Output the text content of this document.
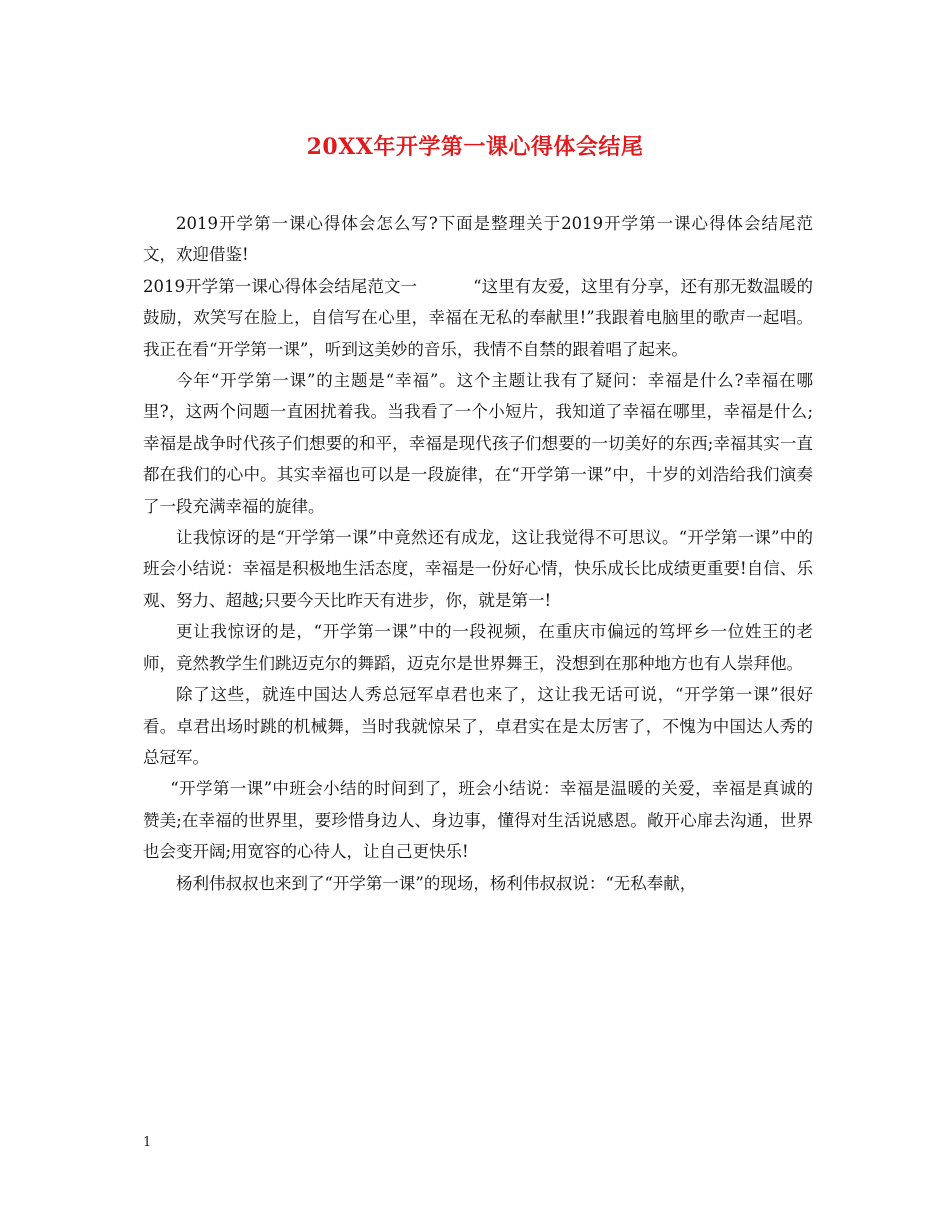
20XX年开学第一课心得体会结尾

2019开学第一课心得体会怎么写?下面是整理关于2019开学第一课心得体会结尾范文，欢迎借鉴!

2019开学第一课心得体会结尾范文一	“这里有友爱，这里有分享，还有那无数温暖的鼓励，欢笑写在脸上，自信写在心里，幸福在无私的奉献里!”我跟着电脑里的歌声一起唱。我正在看“开学第一课”，听到这美妙的音乐，我情不自禁的跟着唱了起来。

今年“开学第一课”的主题是“幸福”。这个主题让我有了疑问：幸福是什么?幸福在哪里?，这两个问题一直困扰着我。当我看了一个小短片，我知道了幸福在哪里，幸福是什么;幸福是战争时代孩子们想要的和平，幸福是现代孩子们想要的一切美好的东西;幸福其实一直都在我们的心中。其实幸福也可以是一段旋律，在“开学第一课”中，十岁的刘浩给我们演奏了一段充满幸福的旋律。

让我惊讶的是“开学第一课”中竟然还有成龙，这让我觉得不可思议。“开学第一课”中的班会小结说：幸福是积极地生活态度，幸福是一份好心情，快乐成长比成绩更重要!自信、乐观、努力、超越;只要今天比昨天有进步，你，就是第一!

更让我惊讶的是，“开学第一课”中的一段视频，在重庆市偏远的笃坪乡一位姓王的老师，竟然教学生们跳迈克尔的舞蹈，迈克尔是世界舞王，没想到在那种地方也有人崇拜他。

除了这些，就连中国达人秀总冠军卓君也来了，这让我无话可说，“开学第一课”很好看。卓君出场时跳的机械舞，当时我就惊呆了，卓君实在是太厉害了，不愧为中国达人秀的总冠军。

“开学第一课”中班会小结的时间到了，班会小结说：幸福是温暖的关爱，幸福是真诚的赞美;在幸福的世界里，要珍惜身边人、身边事，懂得对生活说感恩。敞开心扉去沟通，世界也会变开阔;用宽容的心待人，让自己更快乐!

杨利伟叔叔也来到了“开学第一课”的现场，杨利伟叔叔说：“无私奉献，

1
